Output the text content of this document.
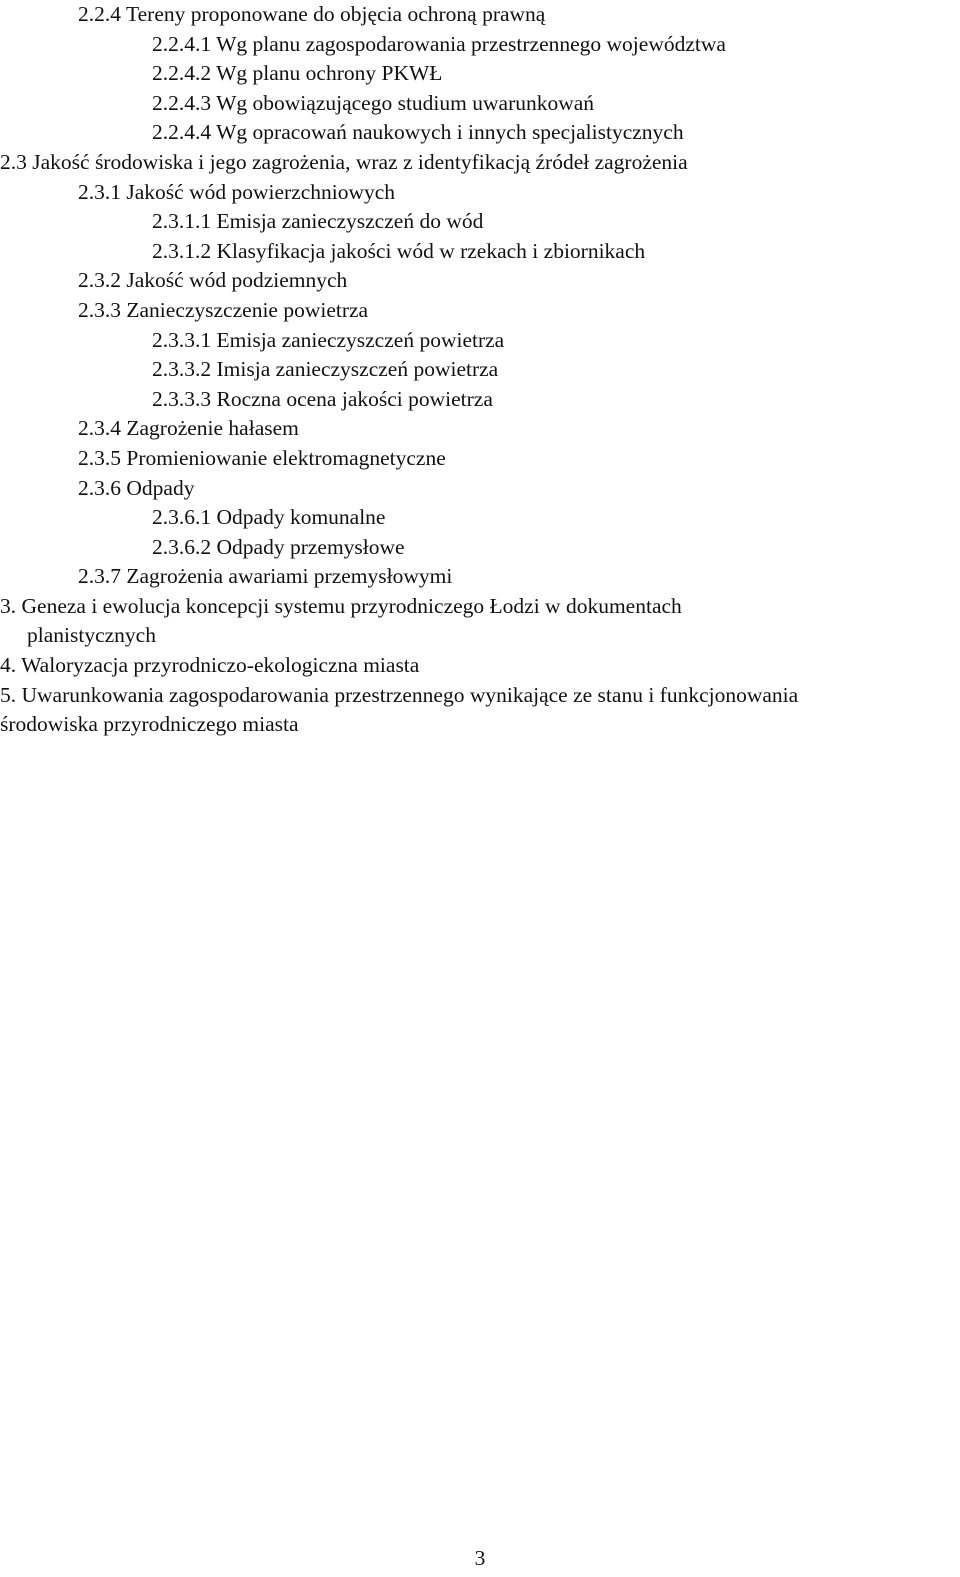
2.2.4 Tereny proponowane do objęcia ochroną prawną
2.2.4.1 Wg planu zagospodarowania przestrzennego województwa
2.2.4.2 Wg planu ochrony PKWŁ
2.2.4.3 Wg obowiązującego studium uwarunkowań
2.2.4.4 Wg opracowań naukowych i innych specjalistycznych
2.3 Jakość środowiska i jego zagrożenia, wraz z identyfikacją źródeł zagrożenia
2.3.1 Jakość wód powierzchniowych
2.3.1.1 Emisja zanieczyszczeń do wód
2.3.1.2 Klasyfikacja jakości wód w rzekach i zbiornikach
2.3.2 Jakość wód podziemnych
2.3.3 Zanieczyszczenie powietrza
2.3.3.1 Emisja zanieczyszczeń powietrza
2.3.3.2 Imisja zanieczyszczeń powietrza
2.3.3.3 Roczna ocena jakości powietrza
2.3.4 Zagrożenie hałasem
2.3.5 Promieniowanie elektromagnetyczne
2.3.6 Odpady
2.3.6.1 Odpady komunalne
2.3.6.2 Odpady przemysłowe
2.3.7 Zagrożenia awariami przemysłowymi
3. Geneza i ewolucja koncepcji systemu przyrodniczego Łodzi w dokumentach
planistycznych
4. Waloryzacja przyrodniczo-ekologiczna miasta
5. Uwarunkowania zagospodarowania przestrzennego wynikające ze stanu i funkcjonowania
środowiska przyrodniczego miasta
3
